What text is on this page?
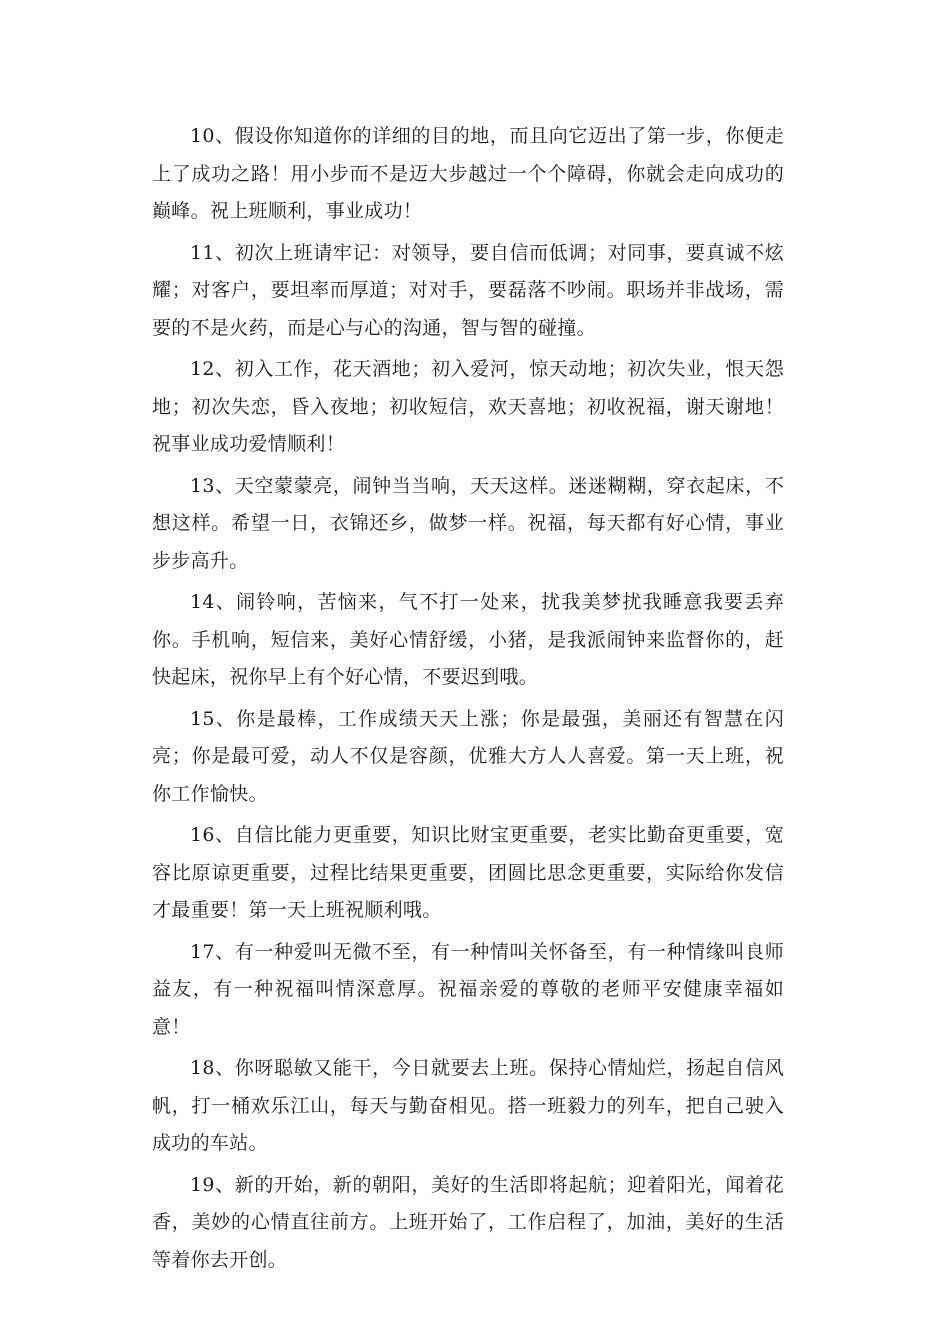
10、假设你知道你的详细的目的地，而且向它迈出了第一步，你便走上了成功之路！用小步而不是迈大步越过一个个障碍，你就会走向成功的巅峰。祝上班顺利，事业成功！

11、初次上班请牢记：对领导，要自信而低调；对同事，要真诚不炫耀；对客户，要坦率而厚道；对对手，要磊落不吵闹。职场并非战场，需要的不是火药，而是心与心的沟通，智与智的碰撞。

12、初入工作，花天酒地；初入爱河，惊天动地；初次失业，恨天怨地；初次失恋，昏入夜地；初收短信，欢天喜地；初收祝福，谢天谢地！祝事业成功爱情顺利！

13、天空蒙蒙亮，闹钟当当响，天天这样。迷迷糊糊，穿衣起床，不想这样。希望一日，衣锦还乡，做梦一样。祝福，每天都有好心情，事业步步高升。

14、闹铃响，苦恼来，气不打一处来，扰我美梦扰我睡意我要丢弃你。手机响，短信来，美好心情舒缓，小猪，是我派闹钟来监督你的，赶快起床，祝你早上有个好心情，不要迟到哦。

15、你是最棒，工作成绩天天上涨；你是最强，美丽还有智慧在闪亮；你是最可爱，动人不仅是容颜，优雅大方人人喜爱。第一天上班，祝你工作愉快。

16、自信比能力更重要，知识比财宝更重要，老实比勤奋更重要，宽容比原谅更重要，过程比结果更重要，团圆比思念更重要，实际给你发信才最重要！第一天上班祝顺利哦。

17、有一种爱叫无微不至，有一种情叫关怀备至，有一种情缘叫良师益友，有一种祝福叫情深意厚。祝福亲爱的尊敬的老师平安健康幸福如意！

18、你呀聪敏又能干，今日就要去上班。保持心情灿烂，扬起自信风帆，打一桶欢乐江山，每天与勤奋相见。搭一班毅力的列车，把自己驶入成功的车站。

19、新的开始，新的朝阳，美好的生活即将起航；迎着阳光，闻着花香，美妙的心情直往前方。上班开始了，工作启程了，加油，美好的生活等着你去开创。
